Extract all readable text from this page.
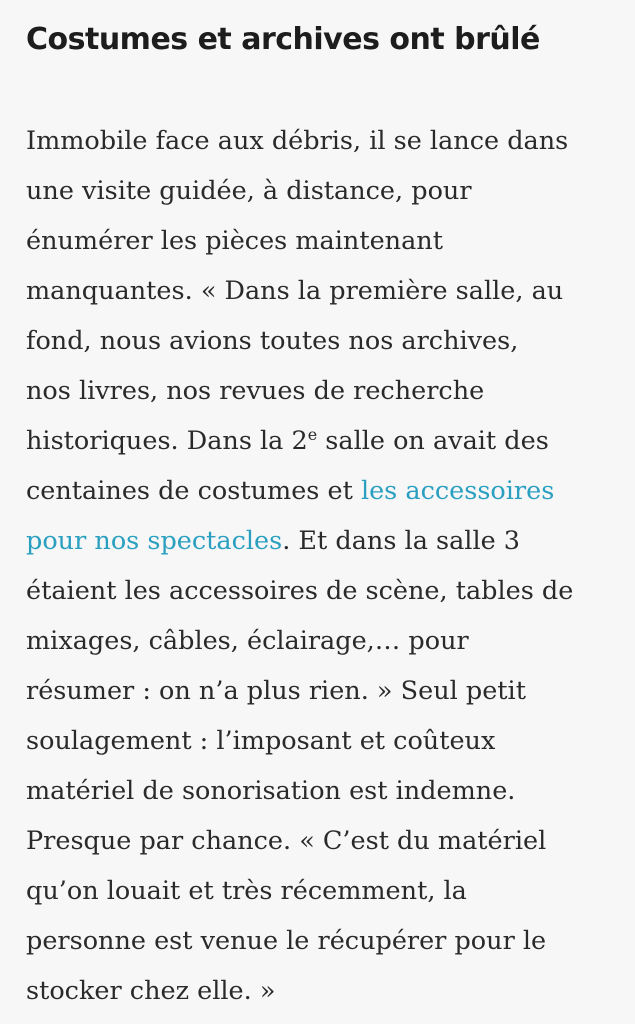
Costumes et archives ont brûlé

Immobile face aux débris, il se lance dans
une visite guidée, à distance, pour
énumérer les pièces maintenant
manquantes. « Dans la première salle, au
fond, nous avions toutes nos archives,
nos livres, nos revues de recherche
historiques. Dans la 2e salle on avait des
centaines de costumes et les accessoires
pour nos spectacles. Et dans la salle 3
étaient les accessoires de scène, tables de
mixages, câbles, éclairage,… pour
résumer : on n’a plus rien. » Seul petit
soulagement : l’imposant et coûteux
matériel de sonorisation est indemne.
Presque par chance. « C’est du matériel
qu’on louait et très récemment, la
personne est venue le récupérer pour le
stocker chez elle. »
